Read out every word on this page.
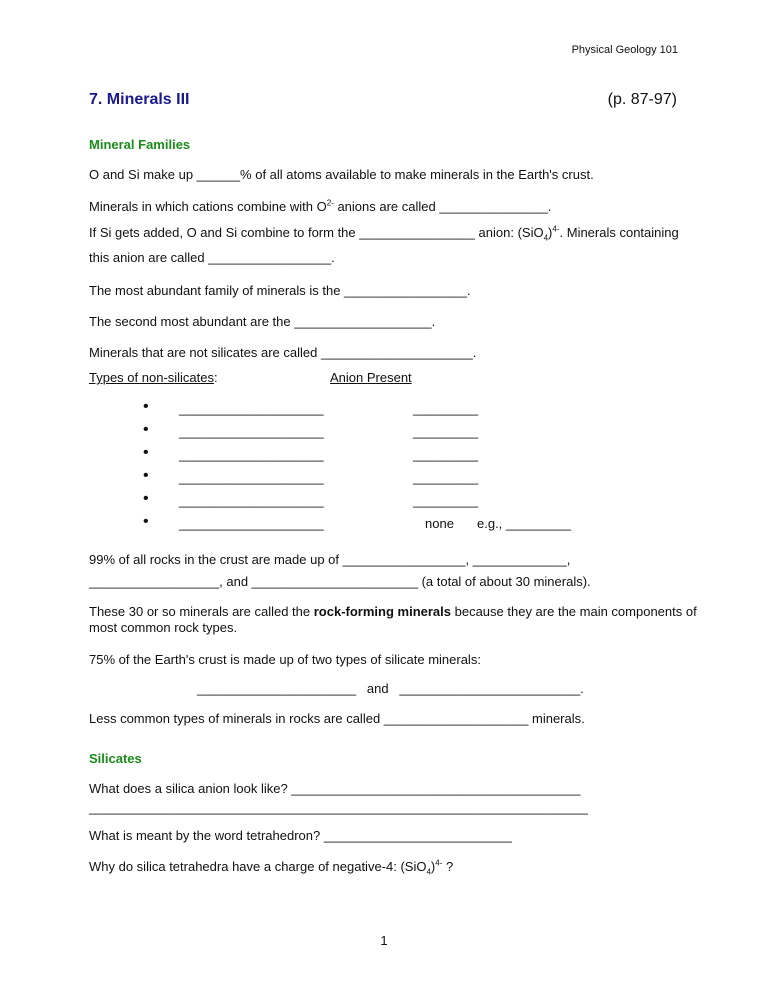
Physical Geology 101
7. Minerals III	(p. 87-97)
Mineral Families
O and Si make up ______% of all atoms available to make minerals in the Earth's crust.
Minerals in which cations combine with $O^{2-}$ anions are called _______________.
If Si gets added, O and Si combine to form the ________________ anion: $(SiO_4)^{4-}$. Minerals containing
this anion are called _________________.
The most abundant family of minerals is the _________________.
The second most abundant are the ___________________.
Minerals that are not silicates are called _____________________.
Types of non-silicates:	Anion Present
• ____________________	_________
• ____________________	_________
• ____________________	_________
• ____________________	_________
• ____________________	_________
• ____________________	none e.g., _________
99% of all rocks in the crust are made up of _________________, _____________,
__________________, and _______________________ (a total of about 30 minerals).
These 30 or so minerals are called the rock-forming minerals because they are the main components of
most common rock types.
75% of the Earth's crust is made up of two types of silicate minerals:
______________________   and   _________________________.
Less common types of minerals in rocks are called ____________________ minerals.
Silicates
What does a silica anion look like? ________________________________________
_____________________________________________________________________
What is meant by the word tetrahedron? __________________________
Why do silica tetrahedra have a charge of negative-4: $(SiO_4)^{4-}$ ?
1
